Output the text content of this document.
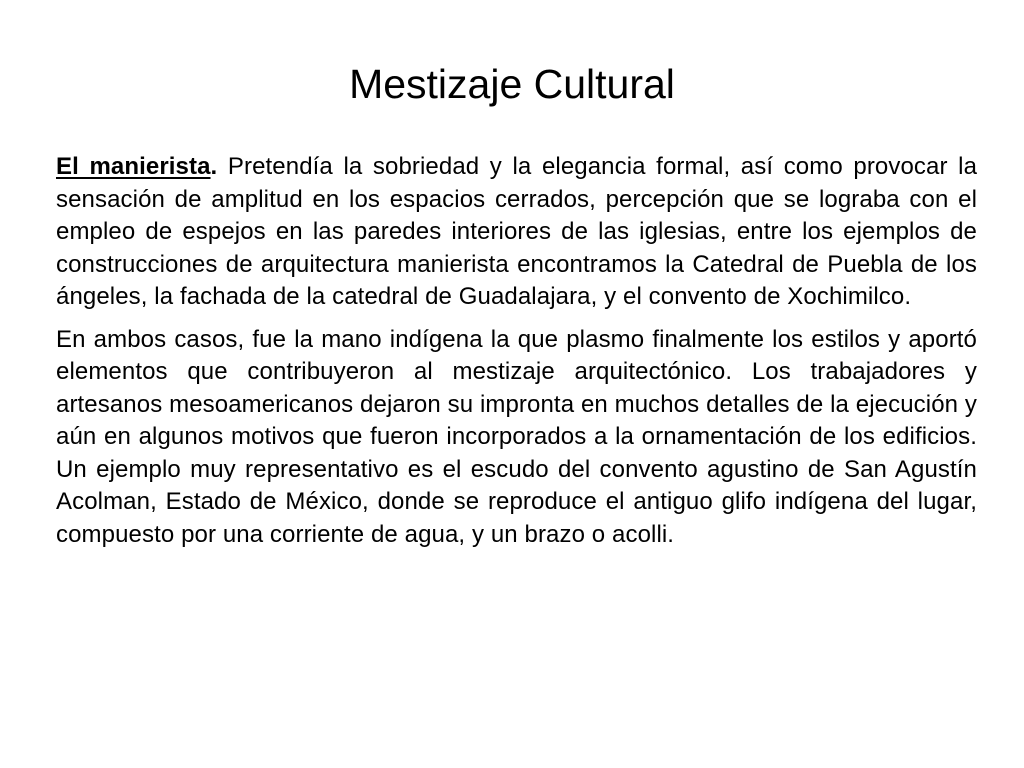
Mestizaje Cultural

El manierista. Pretendía la sobriedad y la elegancia formal, así como provocar la sensación de amplitud en los espacios cerrados, percepción que se lograba con el empleo de espejos en las paredes interiores de las iglesias, entre los ejemplos de construcciones de arquitectura manierista encontramos la Catedral de Puebla de los ángeles, la fachada de la catedral de Guadalajara, y el convento de Xochimilco.

En ambos casos, fue la mano indígena la que plasmo finalmente los estilos y aportó elementos que contribuyeron al mestizaje arquitectónico. Los trabajadores y artesanos mesoamericanos dejaron su impronta en muchos detalles de la ejecución y aún en algunos motivos que fueron incorporados a la ornamentación de los edificios. Un ejemplo muy representativo es el escudo del convento agustino de San Agustín Acolman, Estado de México, donde se reproduce el antiguo glifo indígena del lugar, compuesto por una corriente de agua, y un brazo o acolli.
